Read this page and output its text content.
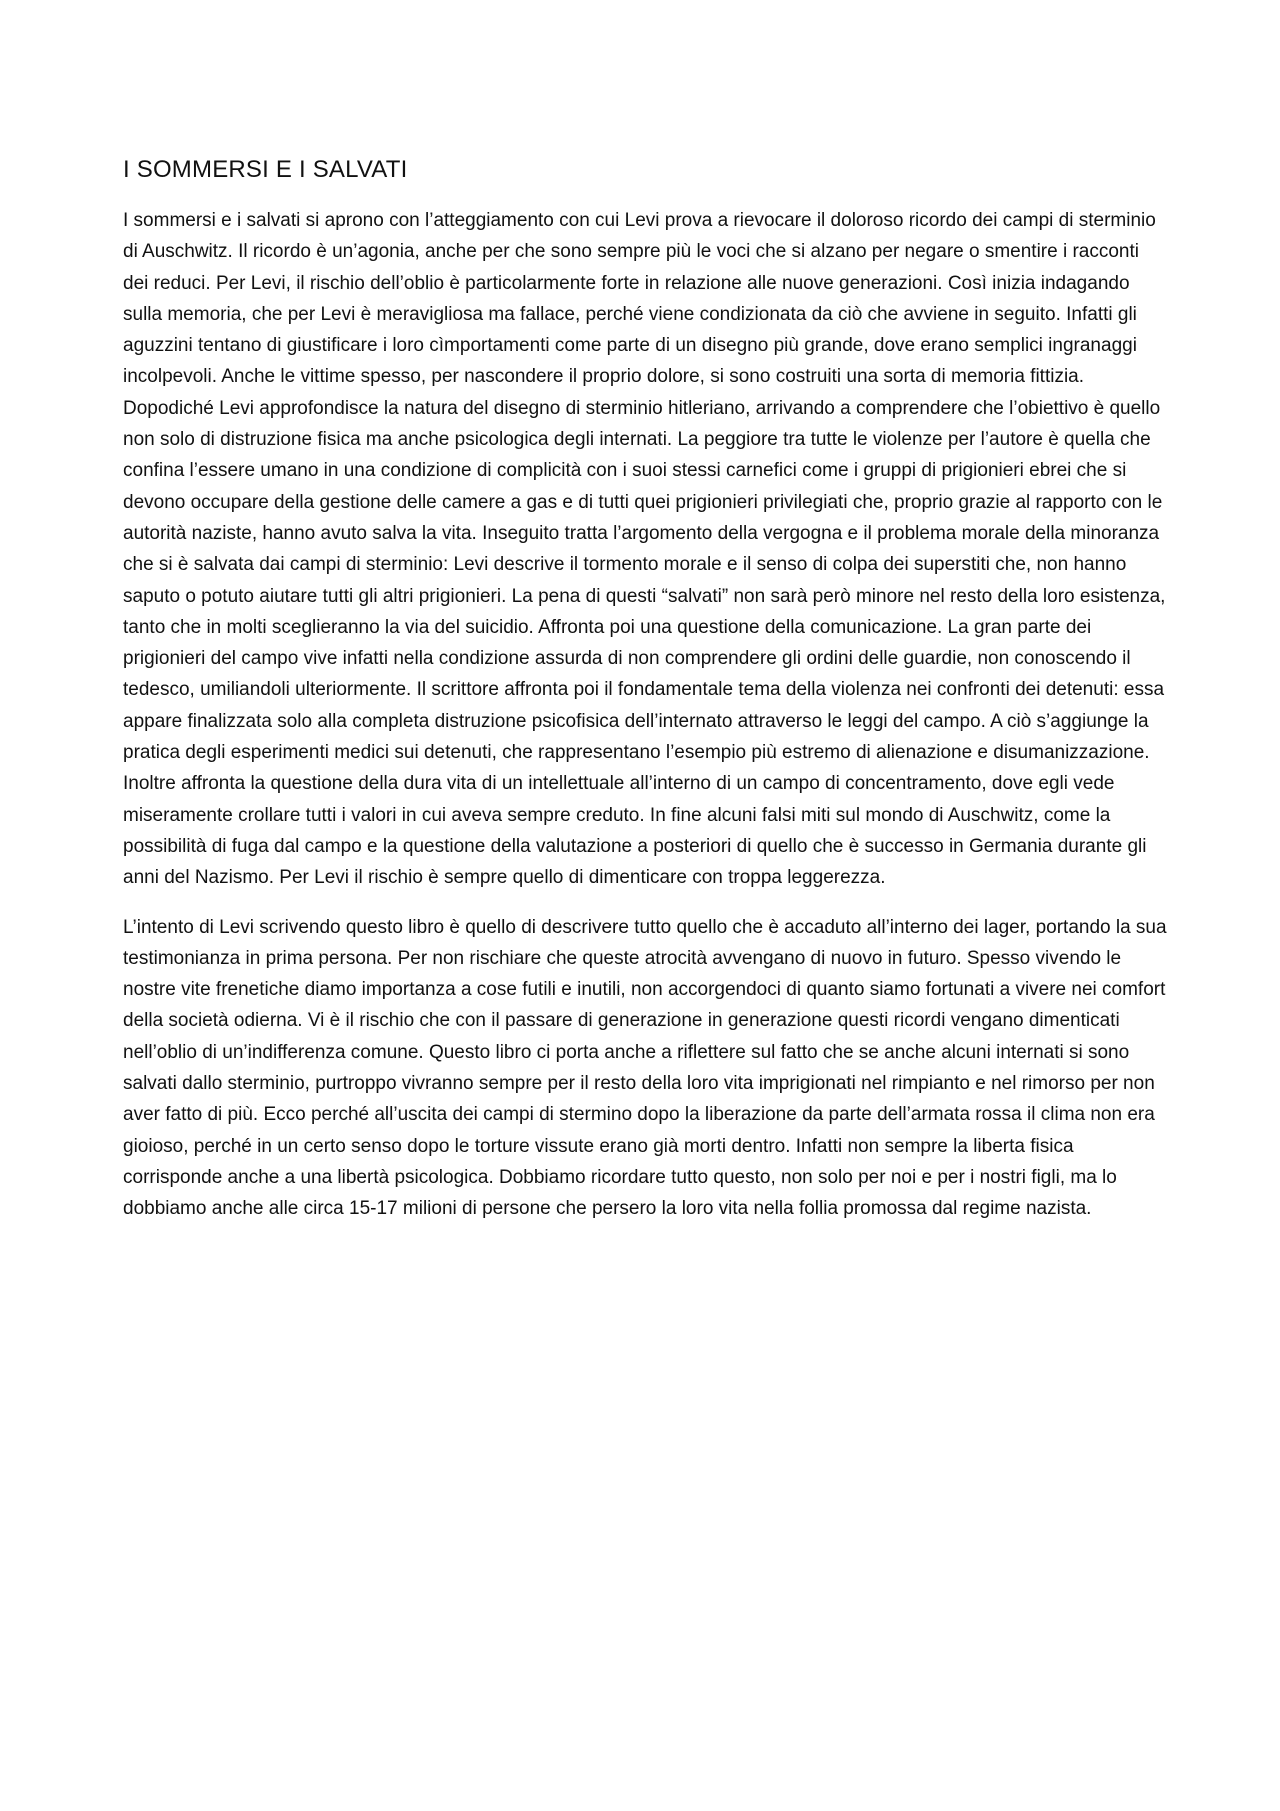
I SOMMERSI E I SALVATI

I sommersi e i salvati si aprono con l’atteggiamento con cui Levi prova a rievocare il doloroso ricordo dei campi di sterminio di Auschwitz. Il ricordo è un’agonia, anche per che sono sempre più le voci che si alzano per negare o smentire i racconti dei reduci. Per Levi, il rischio dell’oblio è particolarmente forte in relazione alle nuove generazioni. Così inizia indagando sulla memoria, che per Levi è meravigliosa ma fallace, perché viene condizionata da ciò che avviene in seguito. Infatti gli aguzzini tentano di giustificare i loro cìmportamenti come parte di un disegno più grande, dove erano semplici ingranaggi incolpevoli. Anche le vittime spesso, per nascondere il proprio dolore, si sono costruiti una sorta di memoria fittizia. Dopodiché Levi approfondisce la natura del disegno di sterminio hitleriano, arrivando a comprendere che l’obiettivo è quello non solo di distruzione fisica ma anche psicologica degli internati. La peggiore tra tutte le violenze per l’autore è quella che confina l’essere umano in una condizione di complicità con i suoi stessi carnefici come i gruppi di prigionieri ebrei che si devono occupare della gestione delle camere a gas e di tutti quei prigionieri privilegiati che, proprio grazie al rapporto con le autorità naziste, hanno avuto salva la vita. Inseguito tratta l’argomento della vergogna e il problema morale della minoranza che si è salvata dai campi di sterminio: Levi descrive il tormento morale e il senso di colpa dei superstiti che, non hanno saputo o potuto aiutare tutti gli altri prigionieri. La pena di questi “salvati” non sarà però minore nel resto della loro esistenza, tanto che in molti sceglieranno la via del suicidio. Affronta poi una questione della comunicazione. La gran parte dei prigionieri del campo vive infatti nella condizione assurda di non comprendere gli ordini delle guardie, non conoscendo il tedesco, umiliandoli ulteriormente. Il scrittore affronta poi il fondamentale tema della violenza nei confronti dei detenuti: essa appare finalizzata solo alla completa distruzione psicofisica dell’internato attraverso le leggi del campo. A ciò s’aggiunge la pratica degli esperimenti medici sui detenuti, che rappresentano l’esempio più estremo di alienazione e disumanizzazione. Inoltre affronta la questione della dura vita di un intellettuale all’interno di un campo di concentramento, dove egli vede miseramente crollare tutti i valori in cui aveva sempre creduto. In fine alcuni falsi miti sul mondo di Auschwitz, come la possibilità di fuga dal campo e la questione della valutazione a posteriori di quello che è successo in Germania durante gli anni del Nazismo. Per Levi il rischio è sempre quello di dimenticare con troppa leggerezza.

L’intento di Levi scrivendo questo libro è quello di descrivere tutto quello che è accaduto all’interno dei lager, portando la sua testimonianza in prima persona. Per non rischiare che queste atrocità avvengano di nuovo in futuro. Spesso vivendo le nostre vite frenetiche diamo importanza a cose futili e inutili, non accorgendoci di quanto siamo fortunati a vivere nei comfort della società odierna. Vi è il rischio che con il passare di generazione in generazione questi ricordi vengano dimenticati nell’oblio di un’indifferenza comune. Questo libro ci porta anche a riflettere sul fatto che se anche alcuni internati si sono salvati dallo sterminio, purtroppo vivranno sempre per il resto della loro vita imprigionati nel rimpianto e nel rimorso per non aver fatto di più. Ecco perché all’uscita dei campi di stermino dopo la liberazione da parte dell’armata rossa il clima non era gioioso, perché in un certo senso dopo le torture vissute erano già morti dentro. Infatti non sempre la liberta fisica corrisponde anche a una libertà psicologica. Dobbiamo ricordare tutto questo, non solo per noi e per i nostri figli, ma lo dobbiamo anche alle circa 15-17 milioni di persone che persero la loro vita nella follia promossa dal regime nazista.
